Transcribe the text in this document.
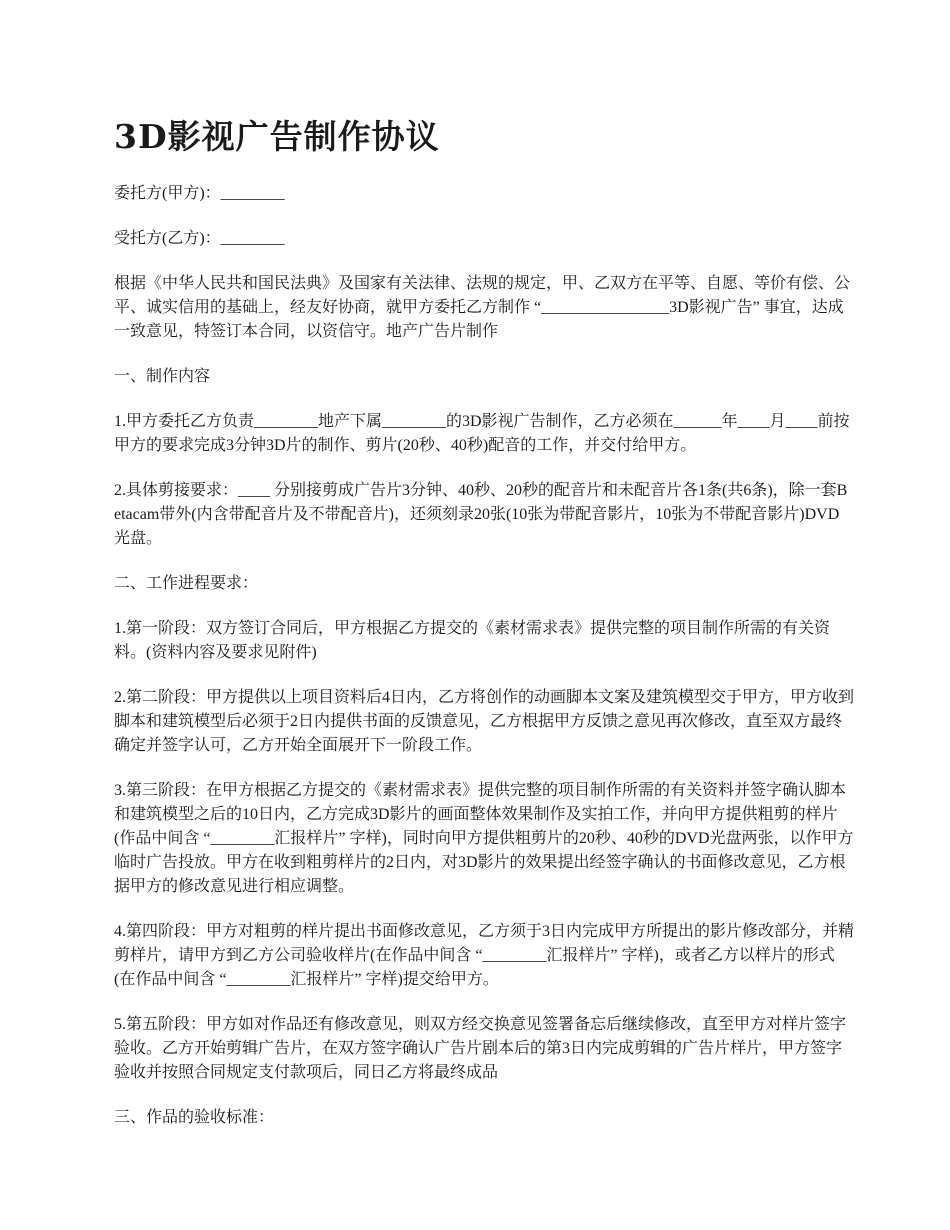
3D影视广告制作协议

委托方(甲方)：________

受托方(乙方)：________

根据《中华人民共和国民法典》及国家有关法律、法规的规定，甲、乙双方在平等、自愿、等价有偿、公平、诚实信用的基础上，经友好协商，就甲方委托乙方制作 “________________3D影视广告” 事宜，达成一致意见，特签订本合同，以资信守。地产广告片制作

一、制作内容

1.甲方委托乙方负责________地产下属________的3D影视广告制作，乙方必须在______年____月____前按甲方的要求完成3分钟3D片的制作、剪片(20秒、40秒)配音的工作，并交付给甲方。

2.具体剪接要求：____ 分别接剪成广告片3分钟、40秒、20秒的配音片和未配音片各1条(共6条)，除一套Betacam带外(内含带配音片及不带配音片)，还须刻录20张(10张为带配音影片，10张为不带配音影片)DVD光盘。

二、工作进程要求：

1.第一阶段：双方签订合同后，甲方根据乙方提交的《素材需求表》提供完整的项目制作所需的有关资料。(资料内容及要求见附件)

2.第二阶段：甲方提供以上项目资料后4日内，乙方将创作的动画脚本文案及建筑模型交于甲方，甲方收到脚本和建筑模型后必须于2日内提供书面的反馈意见，乙方根据甲方反馈之意见再次修改，直至双方最终确定并签字认可，乙方开始全面展开下一阶段工作。

3.第三阶段：在甲方根据乙方提交的《素材需求表》提供完整的项目制作所需的有关资料并签字确认脚本和建筑模型之后的10日内，乙方完成3D影片的画面整体效果制作及实拍工作，并向甲方提供粗剪的样片(作品中间含 “________汇报样片” 字样)，同时向甲方提供粗剪片的20秒、40秒的DVD光盘两张，以作甲方临时广告投放。甲方在收到粗剪样片的2日内，对3D影片的效果提出经签字确认的书面修改意见，乙方根据甲方的修改意见进行相应调整。

4.第四阶段：甲方对粗剪的样片提出书面修改意见，乙方须于3日内完成甲方所提出的影片修改部分，并精剪样片，请甲方到乙方公司验收样片(在作品中间含 “________汇报样片” 字样)，或者乙方以样片的形式(在作品中间含 “________汇报样片” 字样)提交给甲方。

5.第五阶段：甲方如对作品还有修改意见，则双方经交换意见签署备忘后继续修改，直至甲方对样片签字验收。乙方开始剪辑广告片，在双方签字确认广告片剧本后的第3日内完成剪辑的广告片样片，甲方签字验收并按照合同规定支付款项后，同日乙方将最终成品

三、作品的验收标准：
